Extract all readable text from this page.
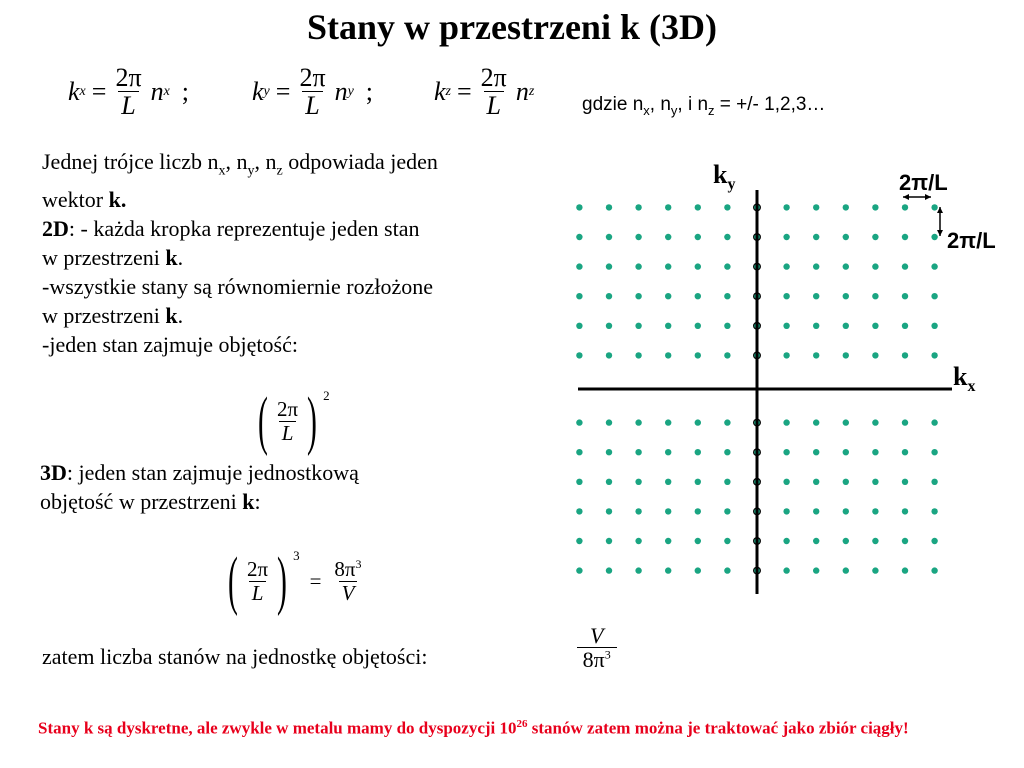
Stany w przestrzeni k (3D)
k $x = \frac{2\pi}{L}$ n x ; k $y = \frac{2\pi}{L}$ n y ; k $z = \frac{2\pi}{L}$ n z
gdzie $n_x$, $n_y$, i $n_z$ = +/- 1,2,3…
Jednej trójce liczb $n_x$, $n_y$, $n_z$ odpowiada jeden
wektor k.
2D: - każda kropka reprezentuje jeden stan
w przestrzeni k.
-wszystkie stany są równomiernie rozłożone
w przestrzeni k.
-jeden stan zajmuje objętość:
( $\frac{2\pi}{L}$ ) 2
3D: jeden stan zajmuje jednostkową
objętość w przestrzeni k:
( $\frac{2\pi}{L}$ ) 3
= $\frac{8\pi^3}{V}$
zatem liczba stanów na jednostkę objętości:	$\frac{V}{8\pi^3}$
$k_y$
$k_x$
2π/L
2π/L
Stany k są dyskretne, ale zwykle w metalu mamy do dyspozycji $10^{26}$ stanów zatem można je traktować jako zbiór ciągły!
